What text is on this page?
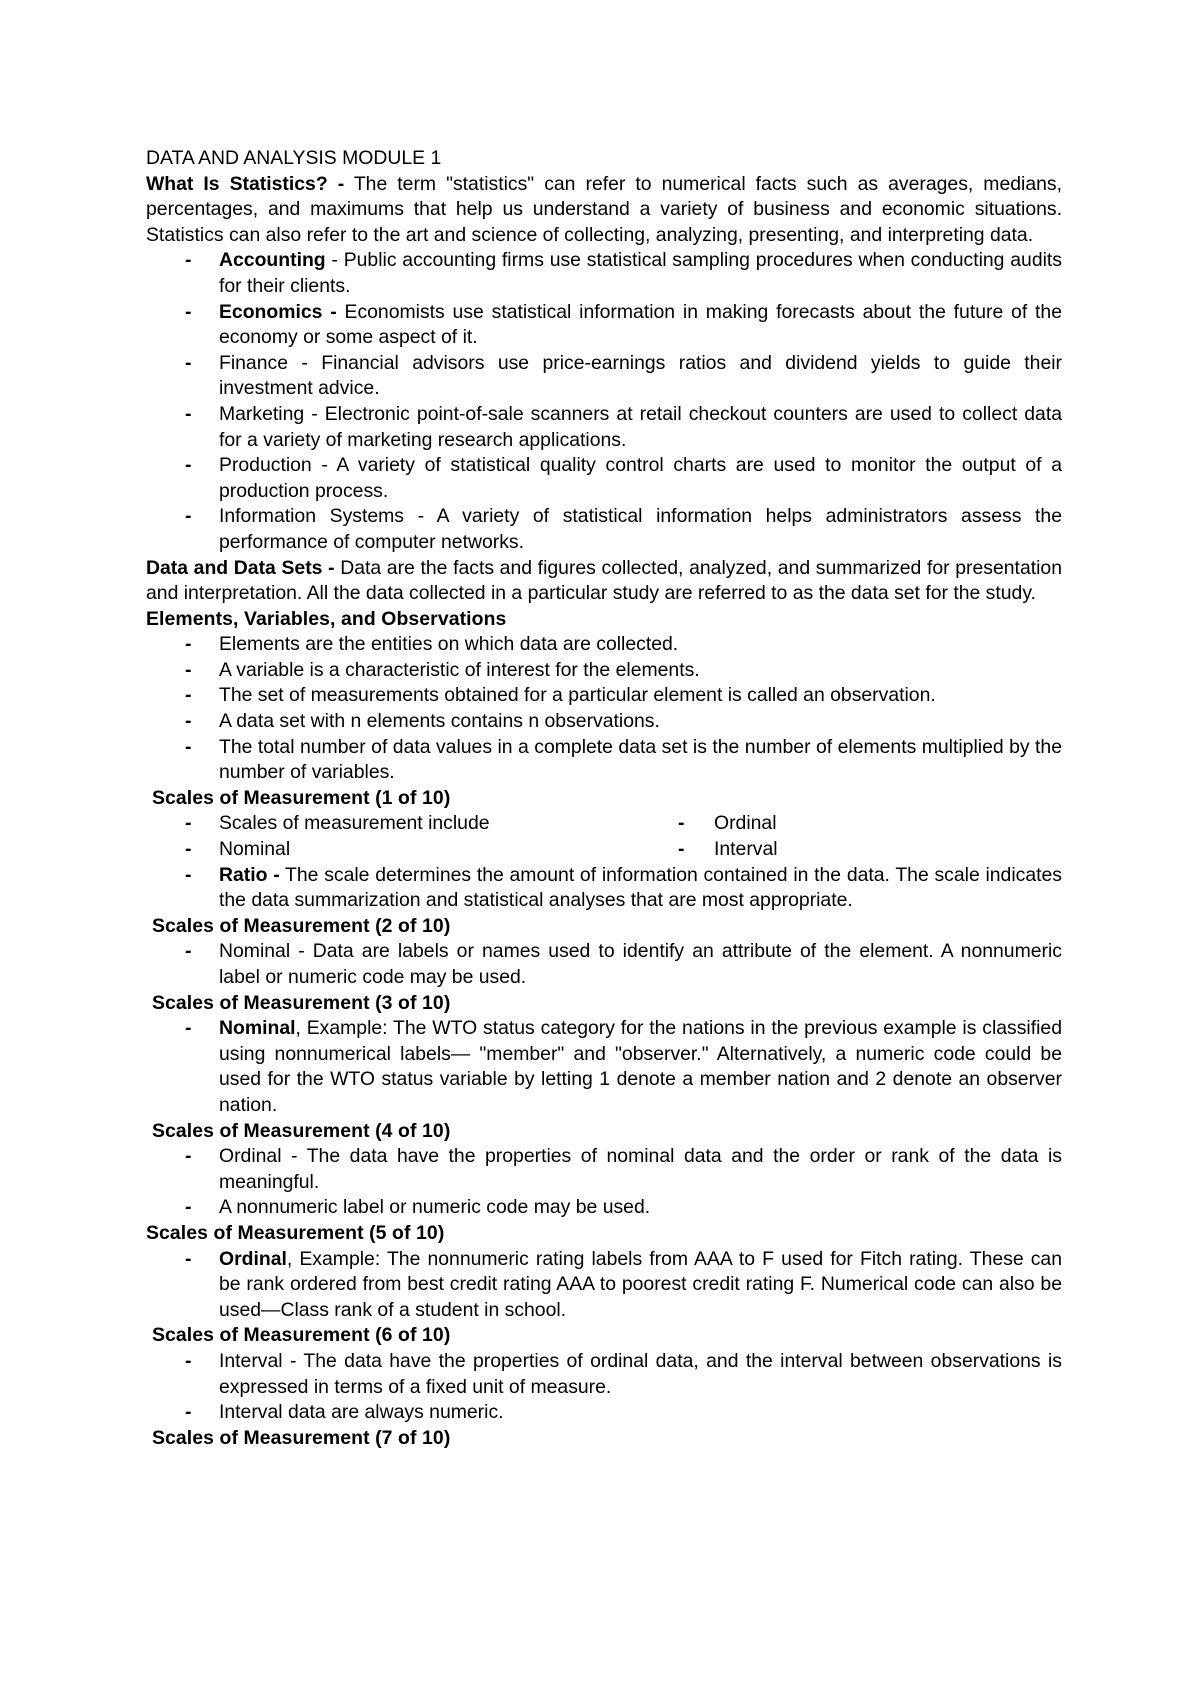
DATA AND ANALYSIS MODULE 1

What Is Statistics? - The term "statistics" can refer to numerical facts such as averages, medians, percentages, and maximums that help us understand a variety of business and economic situations. Statistics can also refer to the art and science of collecting, analyzing, presenting, and interpreting data.

- Accounting - Public accounting firms use statistical sampling procedures when conducting audits for their clients.
- Economics - Economists use statistical information in making forecasts about the future of the economy or some aspect of it.
- Finance - Financial advisors use price-earnings ratios and dividend yields to guide their investment advice.
- Marketing - Electronic point-of-sale scanners at retail checkout counters are used to collect data for a variety of marketing research applications.
- Production - A variety of statistical quality control charts are used to monitor the output of a production process.
- Information Systems - A variety of statistical information helps administrators assess the performance of computer networks.

Data and Data Sets - Data are the facts and figures collected, analyzed, and summarized for presentation and interpretation. All the data collected in a particular study are referred to as the data set for the study.

Elements, Variables, and Observations

- Elements are the entities on which data are collected.
- A variable is a characteristic of interest for the elements.
- The set of measurements obtained for a particular element is called an observation.
- A data set with n elements contains n observations.
- The total number of data values in a complete data set is the number of elements multiplied by the number of variables.

Scales of Measurement (1 of 10)

- Scales of measurement include
- Nominal
- Ordinal
- Interval
- Ratio - The scale determines the amount of information contained in the data. The scale indicates the data summarization and statistical analyses that are most appropriate.

Scales of Measurement (2 of 10)

- Nominal - Data are labels or names used to identify an attribute of the element. A nonnumeric label or numeric code may be used.

Scales of Measurement (3 of 10)

- Nominal, Example: The WTO status category for the nations in the previous example is classified using nonnumerical labels— "member" and "observer." Alternatively, a numeric code could be used for the WTO status variable by letting 1 denote a member nation and 2 denote an observer nation.

Scales of Measurement (4 of 10)

- Ordinal - The data have the properties of nominal data and the order or rank of the data is meaningful.
- A nonnumeric label or numeric code may be used.

Scales of Measurement (5 of 10)

- Ordinal, Example: The nonnumeric rating labels from AAA to F used for Fitch rating. These can be rank ordered from best credit rating AAA to poorest credit rating F. Numerical code can also be used—Class rank of a student in school.

Scales of Measurement (6 of 10)

- Interval - The data have the properties of ordinal data, and the interval between observations is expressed in terms of a fixed unit of measure.
- Interval data are always numeric.

Scales of Measurement (7 of 10)
